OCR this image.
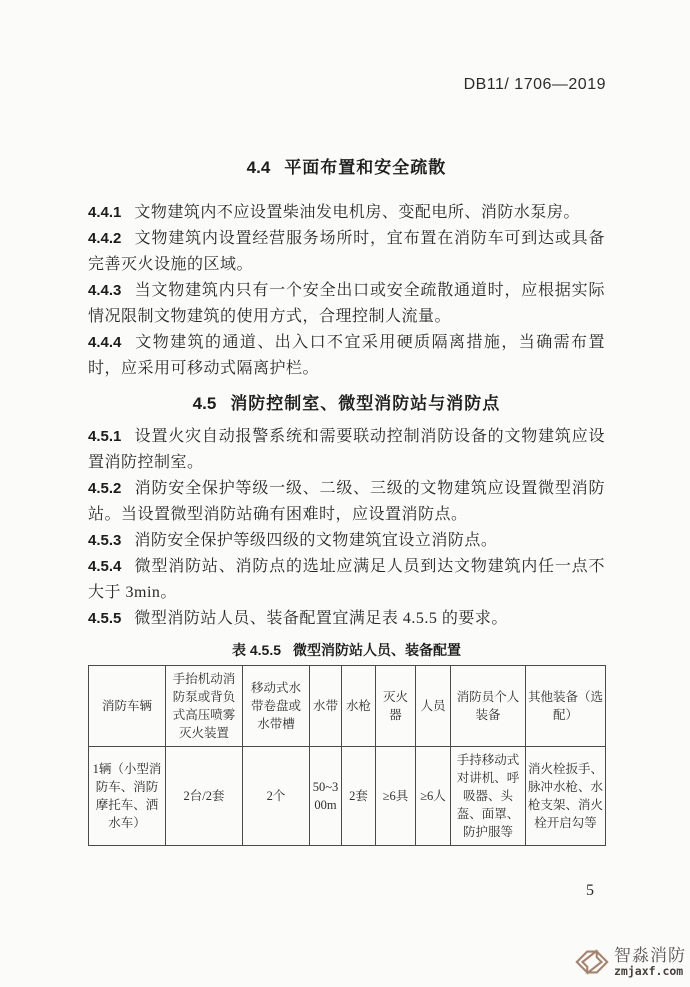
DB11/ 1706—2019
4.4 平面布置和安全疏散

4.4.1 文物建筑内不应设置柴油发电机房、变配电所、消防水泵房。

4.4.2 文物建筑内设置经营服务场所时，宜布置在消防车可到达或具备完善灭火设施的区域。

4.4.3 当文物建筑内只有一个安全出口或安全疏散通道时，应根据实际情况限制文物建筑的使用方式，合理控制人流量。

4.4.4 文物建筑的通道、出入口不宜采用硬质隔离措施，当确需布置时，应采用可移动式隔离护栏。

4.5 消防控制室、微型消防站与消防点

4.5.1 设置火灾自动报警系统和需要联动控制消防设备的文物建筑应设置消防控制室。

4.5.2 消防安全保护等级一级、二级、三级的文物建筑应设置微型消防站。当设置微型消防站确有困难时，应设置消防点。

4.5.3 消防安全保护等级四级的文物建筑宜设立消防点。

4.5.4 微型消防站、消防点的选址应满足人员到达文物建筑内任一点不大于 3min。

4.5.5 微型消防站人员、装备配置宜满足表 4.5.5 的要求。

表 4.5.5 微型消防站人员、装备配置
消防车辆	手抬机动消防泵或背负式高压喷雾灭火装置	移动式水带卷盘或水带槽	水带	水枪	灭火器	人员	消防员个人装备	其他装备（选配）
1辆（小型消防车、消防摩托车、洒水车）	2台/2套	2个	50~300m	2套	≥6具	≥6人	手持移动式对讲机、呼吸器、头盔、面罩、防护服等	消火栓扳手、脉冲水枪、水枪支架、消火栓开启勾等
5
智淼消防
zmjaxf.com
